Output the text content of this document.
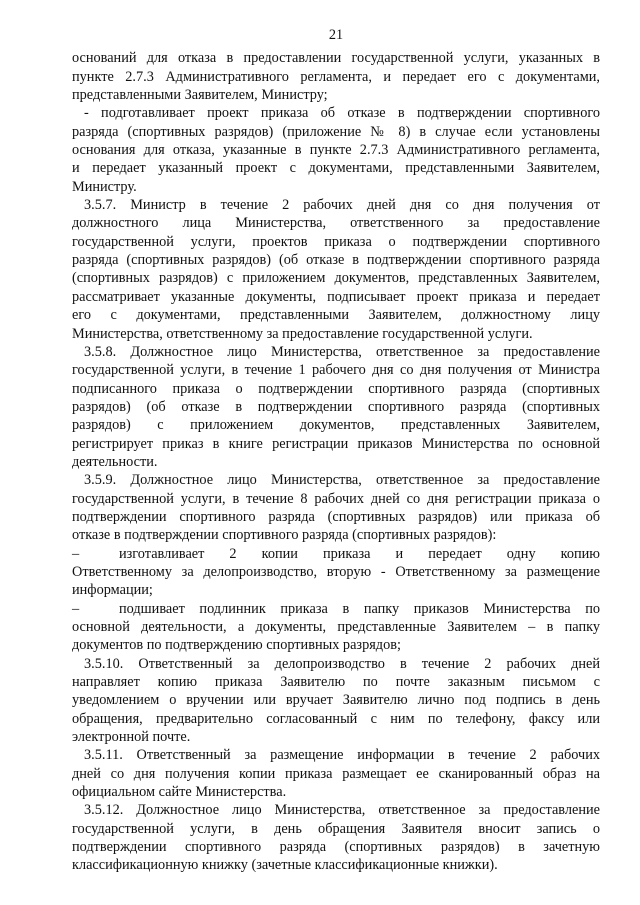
21
оснований для отказа в предоставлении государственной услуги, указанных в
пункте 2.7.3 Административного регламента, и передает его с документами,
представленными Заявителем, Министру;
- подготавливает проект приказа об отказе в подтверждении спортивного
разряда (спортивных разрядов) (приложение № 8) в случае если установлены
основания для отказа, указанные в пункте 2.7.3 Административного регламента,
и передает указанный проект с документами, представленными Заявителем,
Министру.
3.5.7. Министр в течение 2 рабочих дней дня со дня получения от
должностного лица Министерства, ответственного за предоставление
государственной услуги, проектов приказа о подтверждении спортивного
разряда (спортивных разрядов) (об отказе в подтверждении спортивного разряда
(спортивных разрядов) с приложением документов, представленных Заявителем,
рассматривает указанные документы, подписывает проект приказа и передает
его с документами, представленными Заявителем, должностному лицу
Министерства, ответственному за предоставление государственной услуги.
3.5.8. Должностное лицо Министерства, ответственное за предоставление
государственной услуги, в течение 1 рабочего дня со дня получения от Министра
подписанного приказа о подтверждении спортивного разряда (спортивных
разрядов) (об отказе в подтверждении спортивного разряда (спортивных
разрядов) с приложением документов, представленных Заявителем,
регистрирует приказ в книге регистрации приказов Министерства по основной
деятельности.
3.5.9. Должностное лицо Министерства, ответственное за предоставление
государственной услуги, в течение 8 рабочих дней со дня регистрации приказа о
подтверждении спортивного разряда (спортивных разрядов) или приказа об
отказе в подтверждении спортивного разряда (спортивных разрядов):
–	изготавливает 2 копии приказа и передает одну копию
Ответственному за делопроизводство, вторую - Ответственному за размещение
информации;
–	подшивает подлинник приказа в папку приказов Министерства по
основной деятельности, а документы, представленные Заявителем – в папку
документов по подтверждению спортивных разрядов;
3.5.10. Ответственный за делопроизводство в течение 2 рабочих дней
направляет копию приказа Заявителю по почте заказным письмом с
уведомлением о вручении или вручает Заявителю лично под подпись в день
обращения, предварительно согласованный с ним по телефону, факсу или
электронной почте.
3.5.11. Ответственный за размещение информации в течение 2 рабочих
дней со дня получения копии приказа размещает ее сканированный образ на
официальном сайте Министерства.
3.5.12. Должностное лицо Министерства, ответственное за предоставление
государственной услуги, в день обращения Заявителя вносит запись о
подтверждении спортивного разряда (спортивных разрядов) в зачетную
классификационную книжку (зачетные классификационные книжки).
